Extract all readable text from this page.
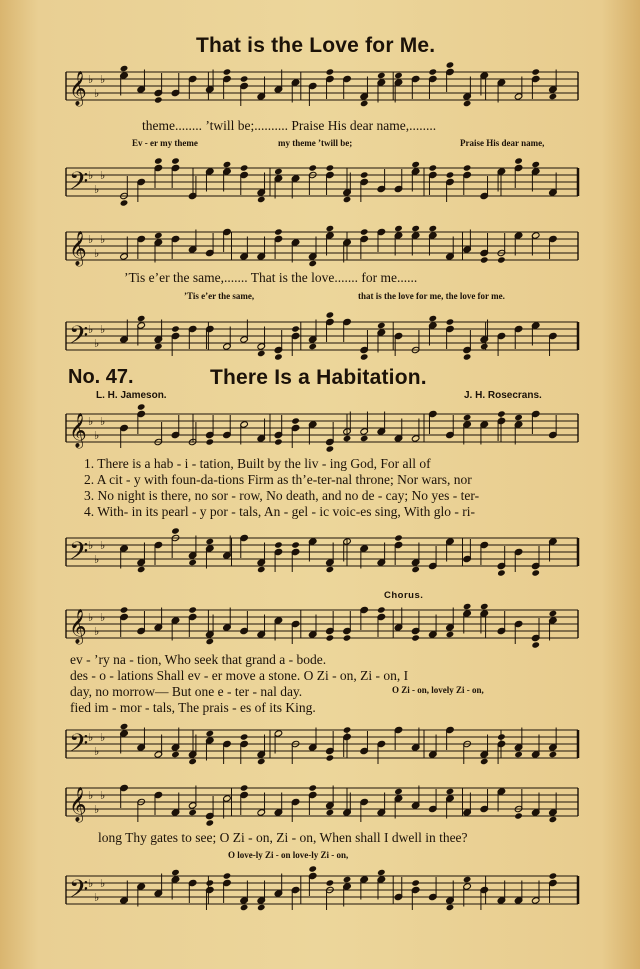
That is the Love for Me.
𝄞 ♭
♭
♭
theme........ ’twill be;.......... Praise His dear name,........
Ev - er my theme	my theme ’twill be;	Praise His dear name,
𝄢 ♭
♭
♭
𝄞 ♭
♭
♭
’Tis e’er the same,....... That is the love....... for me......
’Tis e’er the same,	that is the love for me, the love for me.
𝄢 ♭
♭
♭
No. 47.	There Is a Habitation.
L. H. Jameson.	J. H. Rosecrans.
𝄞 ♭
♭
♭
1. There is a hab - i - tation, Built by the liv - ing God, For all of
2. A cit - y with foun-da-tions Firm as th’e-ter-nal throne; Nor wars, nor
3. No night is there, no sor - row, No death, and no de - cay; No yes - ter-
4. With- in its pearl - y por - tals, An - gel - ic voic-es sing, With glo - ri-
𝄢 ♭
♭
♭
Chorus.
𝄞 ♭
♭
♭
ev - ’ry na - tion, Who seek that grand a - bode.
des - o - lations Shall ev - er move a stone. O Zi - on, Zi - on, I
day, no morrow— But one e - ter - nal day.
fied im - mor - tals, The prais - es of its King.
O Zi - on, lovely Zi - on,
𝄢 ♭
♭
♭
𝄞 ♭
♭
♭
long Thy gates to see; O Zi - on, Zi - on, When shall I dwell in thee?
O love-ly Zi - on love-ly Zi - on,
𝄢 ♭
♭
♭
